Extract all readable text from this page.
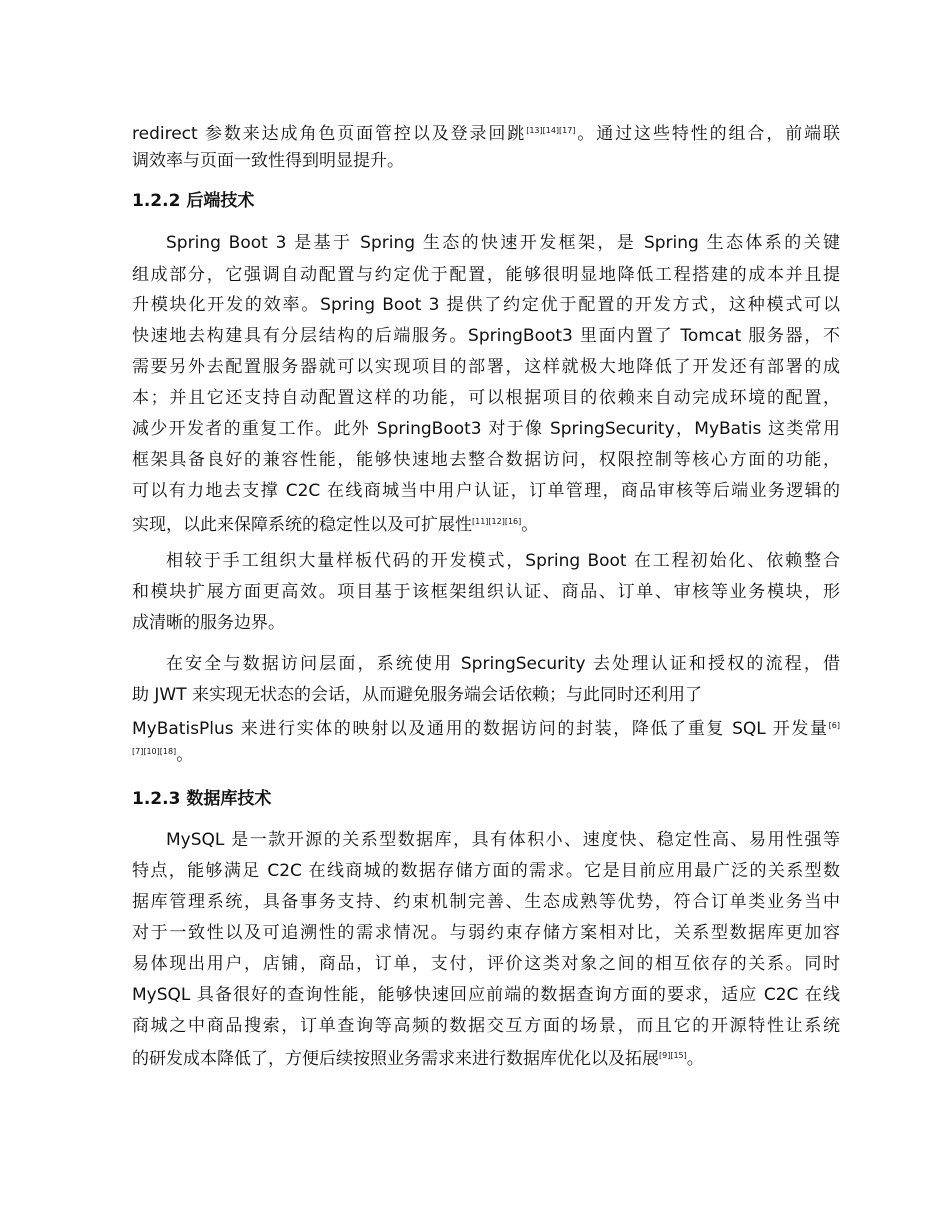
redirect 参数来达成角色页面管控以及登录回跳[13][14][17]。通过这些特性的组合，前端联
调效率与页面一致性得到明显提升。
1.2.2 后端技术
Spring Boot 3 是基于 Spring 生态的快速开发框架，是 Spring 生态体系的关键
组成部分，它强调自动配置与约定优于配置，能够很明显地降低工程搭建的成本并且提
升模块化开发的效率。Spring Boot 3 提供了约定优于配置的开发方式，这种模式可以
快速地去构建具有分层结构的后端服务。SpringBoot3 里面内置了 Tomcat 服务器，不
需要另外去配置服务器就可以实现项目的部署，这样就极大地降低了开发还有部署的成
本；并且它还支持自动配置这样的功能，可以根据项目的依赖来自动完成环境的配置，
减少开发者的重复工作。此外 SpringBoot3 对于像 SpringSecurity，MyBatis 这类常用
框架具备良好的兼容性能，能够快速地去整合数据访问，权限控制等核心方面的功能，
可以有力地去支撑 C2C 在线商城当中用户认证，订单管理，商品审核等后端业务逻辑的
实现，以此来保障系统的稳定性以及可扩展性[11][12][16]。
相较于手工组织大量样板代码的开发模式，Spring Boot 在工程初始化、依赖整合
和模块扩展方面更高效。项目基于该框架组织认证、商品、订单、审核等业务模块，形
成清晰的服务边界。
在安全与数据访问层面，系统使用 SpringSecurity 去处理认证和授权的流程，借
助 JWT 来实现无状态的会话，从而避免服务端会话依赖；与此同时还利用了
MyBatisPlus 来进行实体的映射以及通用的数据访问的封装，降低了重复 SQL 开发量[6]
[7][10][18]。
1.2.3 数据库技术
MySQL 是一款开源的关系型数据库，具有体积小、速度快、稳定性高、易用性强等
特点，能够满足 C2C 在线商城的数据存储方面的需求。它是目前应用最广泛的关系型数
据库管理系统，具备事务支持、约束机制完善、生态成熟等优势，符合订单类业务当中
对于一致性以及可追溯性的需求情况。与弱约束存储方案相对比，关系型数据库更加容
易体现出用户，店铺，商品，订单，支付，评价这类对象之间的相互依存的关系。同时
MySQL 具备很好的查询性能，能够快速回应前端的数据查询方面的要求，适应 C2C 在线
商城之中商品搜索，订单查询等高频的数据交互方面的场景，而且它的开源特性让系统
的研发成本降低了，方便后续按照业务需求来进行数据库优化以及拓展[9][15]。
